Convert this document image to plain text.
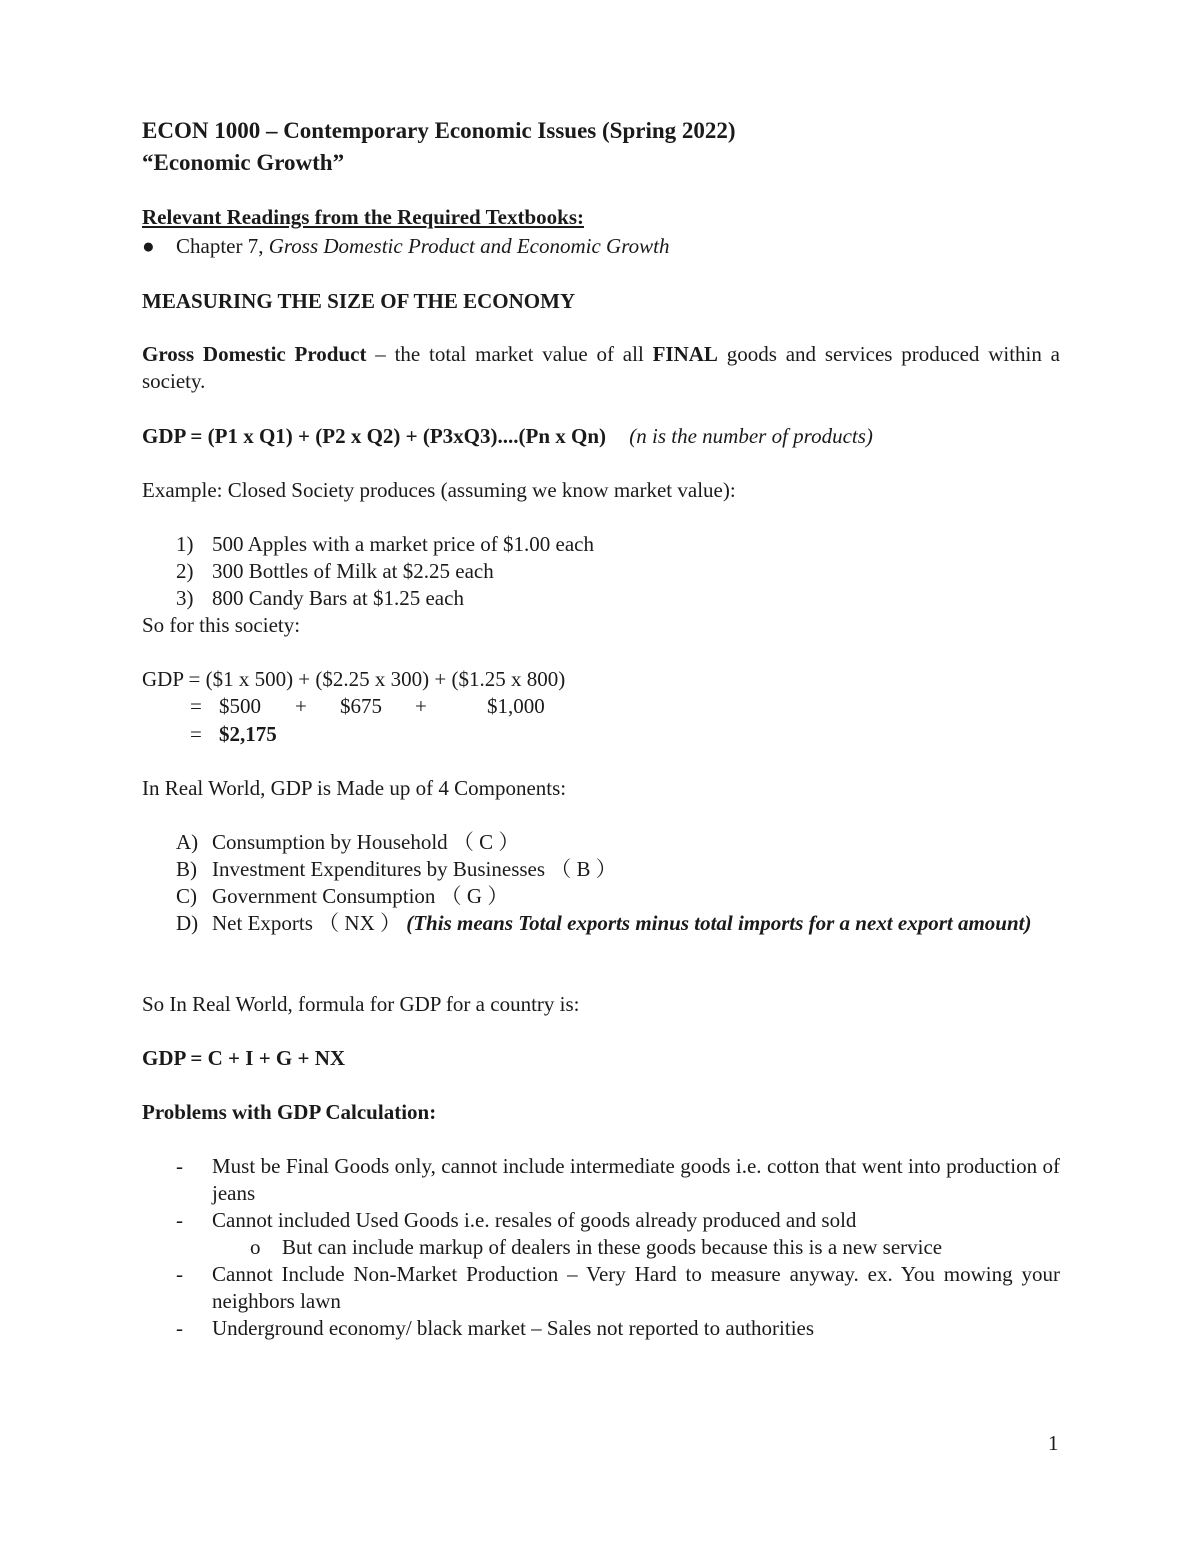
ECON 1000 – Contemporary Economic Issues (Spring 2022)
“Economic Growth”
Relevant Readings from the Required Textbooks:
● Chapter 7, Gross Domestic Product and Economic Growth
MEASURING THE SIZE OF THE ECONOMY
Gross Domestic Product – the total market value of all FINAL goods and services produced within a society.
GDP = (P1 x Q1) + (P2 x Q2) + (P3xQ3)....(Pn x Qn) (n is the number of products)
Example: Closed Society produces (assuming we know market value):
1) 500 Apples with a market price of $1.00 each
2) 300 Bottles of Milk at $2.25 each
3) 800 Candy Bars at $1.25 each
So for this society:
GDP = ($1 x 500) + ($2.25 x 300) + ($1.25 x 800)
= $500 + $675 +	$1,000
= $2,175
In Real World, GDP is Made up of 4 Components:
A) Consumption by Household （ C ）
B) Investment Expenditures by Businesses （ B ）
C) Government Consumption （ G ）
D) Net Exports （ NX ） (This means Total exports minus total imports for a next export amount)
So In Real World, formula for GDP for a country is:
GDP = C + I + G + NX
Problems with GDP Calculation:
- Must be Final Goods only, cannot include intermediate goods i.e. cotton that went into production of jeans
- Cannot included Used Goods i.e. resales of goods already produced and sold
o But can include markup of dealers in these goods because this is a new service
- Cannot Include Non-Market Production – Very Hard to measure anyway. ex. You mowing your neighbors lawn
- Underground economy/ black market – Sales not reported to authorities
1
